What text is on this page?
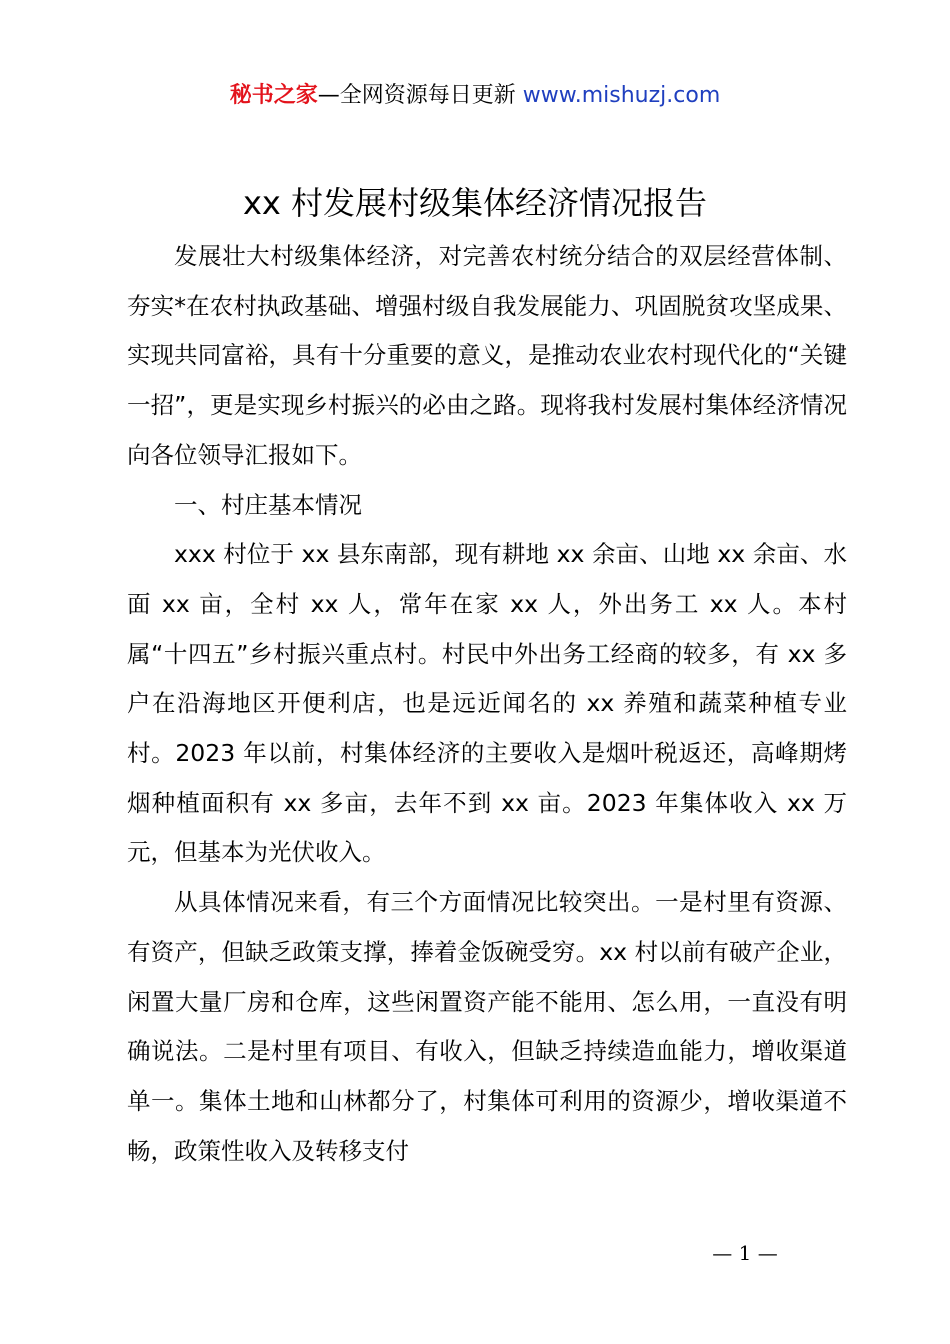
秘书之家—全网资源每日更新 www.mishuzj.com
xx 村发展村级集体经济情况报告

发展壮大村级集体经济，对完善农村统分结合的双层经营体制、夯实*在农村执政基础、增强村级自我发展能力、巩固脱贫攻坚成果、实现共同富裕，具有十分重要的意义，是推动农业农村现代化的“关键一招”，更是实现乡村振兴的必由之路。现将我村发展村集体经济情况向各位领导汇报如下。

一、村庄基本情况

xxx 村位于 xx 县东南部，现有耕地 xx 余亩、山地 xx 余亩、水面 xx 亩，全村 xx 人，常年在家 xx 人，外出务工 xx 人。本村属“十四五”乡村振兴重点村。村民中外出务工经商的较多，有 xx 多户在沿海地区开便利店，也是远近闻名的 xx 养殖和蔬菜种植专业村。2023 年以前，村集体经济的主要收入是烟叶税返还，高峰期烤烟种植面积有 xx 多亩，去年不到 xx 亩。2023 年集体收入 xx 万元，但基本为光伏收入。

从具体情况来看，有三个方面情况比较突出。一是村里有资源、有资产，但缺乏政策支撑，捧着金饭碗受穷。xx 村以前有破产企业，闲置大量厂房和仓库，这些闲置资产能不能用、怎么用，一直没有明确说法。二是村里有项目、有收入，但缺乏持续造血能力，增收渠道单一。集体土地和山林都分了，村集体可利用的资源少，增收渠道不畅，政策性收入及转移支付

— 1 —
